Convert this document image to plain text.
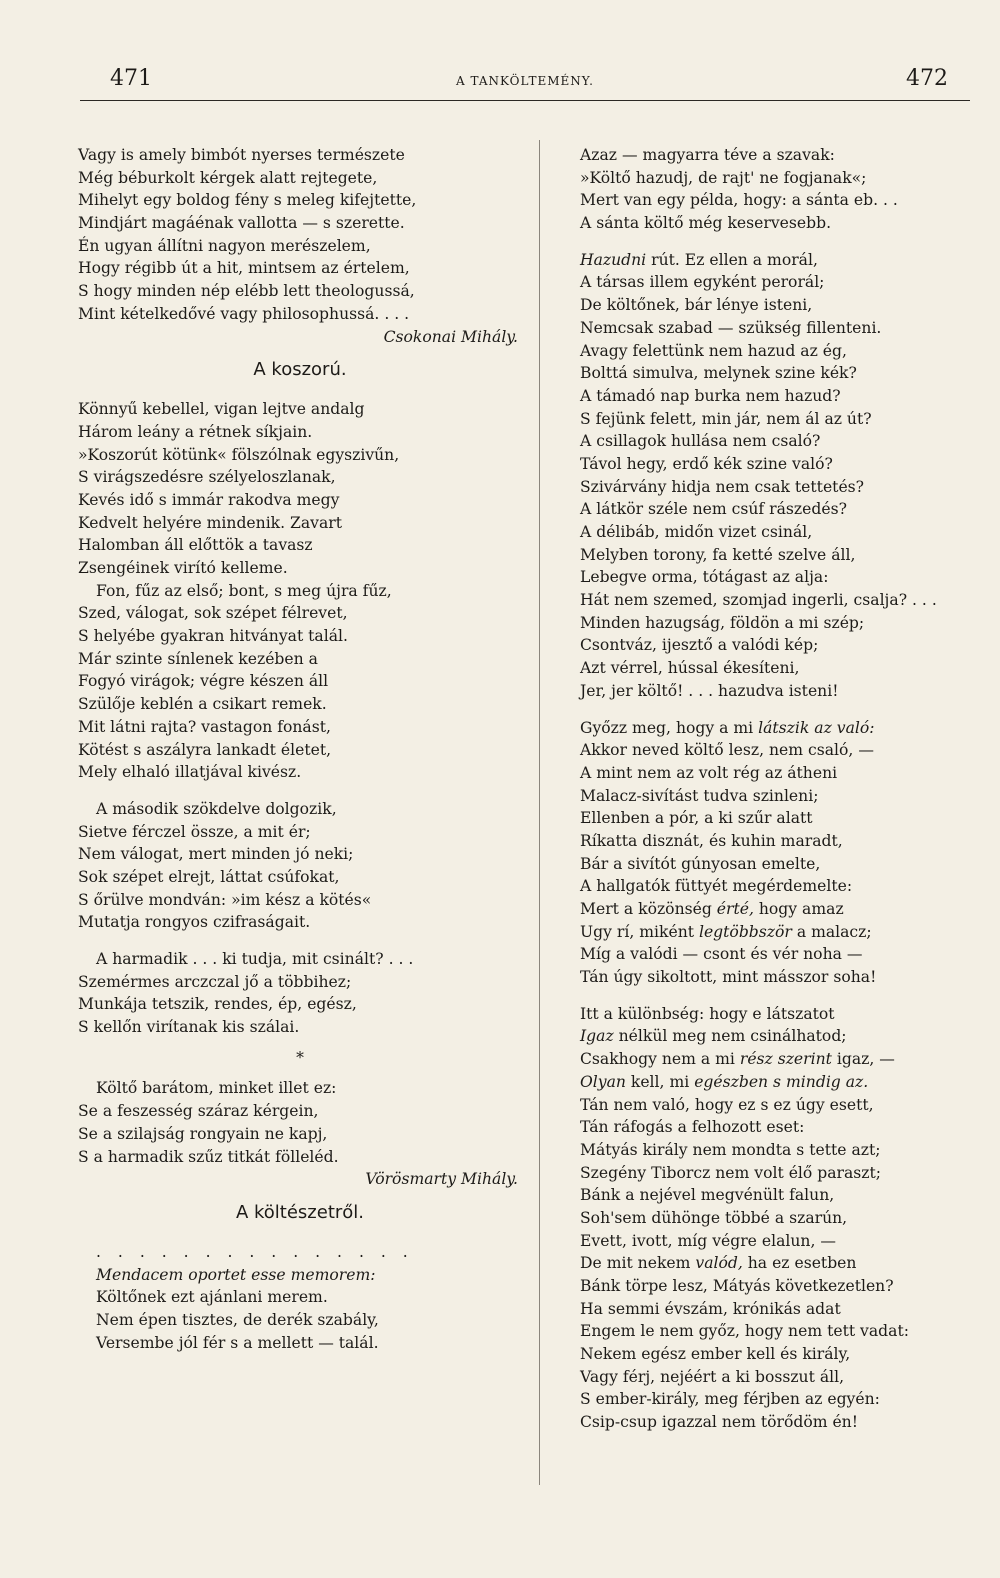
471	A TANKÖLTEMÉNY.	472
Vagy is amely bimbót nyerses természete
Még béburkolt kérgek alatt rejtegete,
Mihelyt egy boldog fény s meleg kifejtette,
Mindjárt magáénak vallotta — s szerette.
Én ugyan állítni nagyon merészelem,
Hogy régibb út a hit, mintsem az értelem,
S hogy minden nép elébb lett theologussá,
Mint kételkedővé vagy philosophussá. . . .
Csokonai Mihály.
A koszorú.
Könnyű kebellel, vigan lejtve andalg
Három leány a rétnek síkjain.
»Koszorút kötünk« fölszólnak egyszivűn,
S virágszedésre szélyeloszlanak,
Kevés idő s immár rakodva megy
Kedvelt helyére mindenik. Zavart
Halomban áll előttök a tavasz
Zsengéinek virító kelleme.
Fon, fűz az első; bont, s meg újra fűz,
Szed, válogat, sok szépet félrevet,
S helyébe gyakran hitványat talál.
Már szinte sínlenek kezében a
Fogyó virágok; végre készen áll
Szülője keblén a csikart remek.
Mit látni rajta? vastagon fonást,
Kötést s aszályra lankadt életet,
Mely elhaló illatjával kivész.
A második szökdelve dolgozik,
Sietve férczel össze, a mit ér;
Nem válogat, mert minden jó neki;
Sok szépet elrejt, láttat csúfokat,
S őrülve mondván: »im kész a kötés«
Mutatja rongyos czifraságait.
A harmadik . . . ki tudja, mit csinált? . . .
Szemérmes arczczal jő a többihez;
Munkája tetszik, rendes, ép, egész,
S kellőn virítanak kis szálai.
*
Költő barátom, minket illet ez:
Se a feszesség száraz kérgein,
Se a szilajság rongyain ne kapj,
S a harmadik szűz titkát fölleléd.
Vörösmarty Mihály.
A költészetről.
. . . . . . . . . . . . . . .
Mendacem oportet esse memorem:
Költőnek ezt ajánlani merem.
Nem épen tisztes, de derék szabály,
Versembe jól fér s a mellett — talál.
Azaz — magyarra téve a szavak:
»Költő hazudj, de rajt' ne fogjanak«;
Mert van egy példa, hogy: a sánta eb. . .
A sánta költő még keservesebb.
Hazudni rút. Ez ellen a morál,
A társas illem egyként perorál;
De költőnek, bár lénye isteni,
Nemcsak szabad — szükség fillenteni.
Avagy felettünk nem hazud az ég,
Bolttá simulva, melynek szine kék?
A támadó nap burka nem hazud?
S fejünk felett, min jár, nem ál az út?
A csillagok hullása nem csaló?
Távol hegy, erdő kék szine való?
Szivárvány hidja nem csak tettetés?
A látkör széle nem csúf rászedés?
A délibáb, midőn vizet csinál,
Melyben torony, fa ketté szelve áll,
Lebegve orma, tótágast az alja:
Hát nem szemed, szomjad ingerli, csalja? . . .
Minden hazugság, földön a mi szép;
Csontváz, ijesztő a valódi kép;
Azt vérrel, hússal ékesíteni,
Jer, jer költő! . . . hazudva isteni!
Győzz meg, hogy a mi látszik az való:
Akkor neved költő lesz, nem csaló, —
A mint nem az volt rég az átheni
Malacz-sivítást tudva szinleni;
Ellenben a pór, a ki szűr alatt
Ríkatta disznát, és kuhin maradt,
Bár a sivítót gúnyosan emelte,
A hallgatók füttyét megérdemelte:
Mert a közönség érté, hogy amaz
Ugy rí, miként legtöbbször a malacz;
Míg a valódi — csont és vér noha —
Tán úgy sikoltott, mint másszor soha!
Itt a különbség: hogy e látszatot
Igaz nélkül meg nem csinálhatod;
Csakhogy nem a mi rész szerint igaz, —
Olyan kell, mi egészben s mindig az.
Tán nem való, hogy ez s ez úgy esett,
Tán ráfogás a felhozott eset:
Mátyás király nem mondta s tette azt;
Szegény Tiborcz nem volt élő paraszt;
Bánk a nejével megvénült falun,
Soh'sem dühönge többé a szarún,
Evett, ivott, míg végre elalun, —
De mit nekem valód, ha ez esetben
Bánk törpe lesz, Mátyás következetlen?
Ha semmi évszám, krónikás adat
Engem le nem győz, hogy nem tett vadat:
Nekem egész ember kell és király,
Vagy férj, nejéért a ki bosszut áll,
S ember-király, meg férjben az egyén:
Csip-csup igazzal nem törődöm én!
